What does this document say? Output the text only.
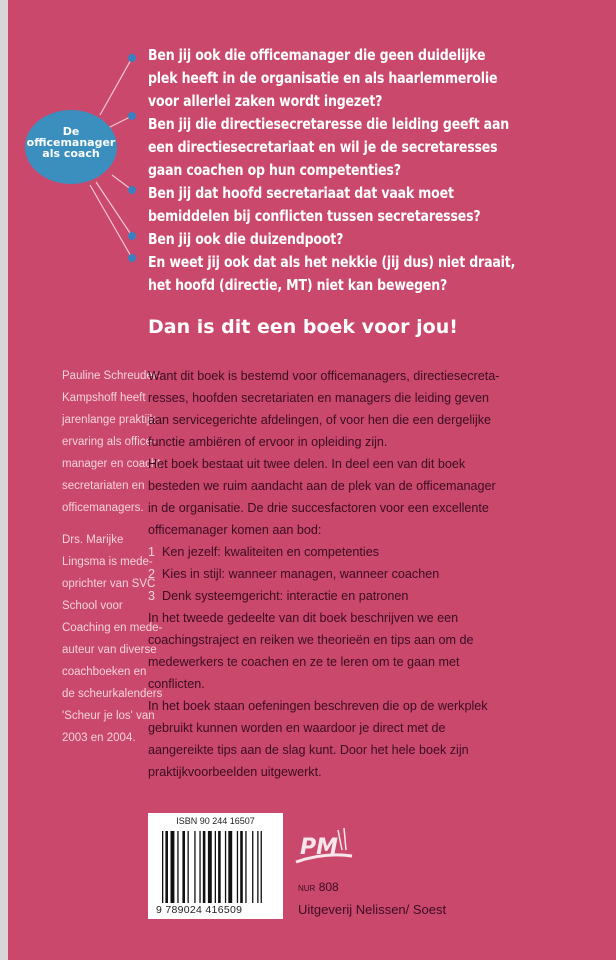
De
officemanager
als coach
Ben jij ook die officemanager die geen duidelijke
plek heeft in de organisatie en als haarlemmerolie
voor allerlei zaken wordt ingezet?
Ben jij die directiesecretaresse die leiding geeft aan
een directiesecretariaat en wil je de secretaresses
gaan coachen op hun competenties?
Ben jij dat hoofd secretariaat dat vaak moet
bemiddelen bij conflicten tussen secretaresses?
Ben jij ook die duizendpoot?
En weet jij ook dat als het nekkie (jij dus) niet draait,
het hoofd (directie, MT) niet kan bewegen?
Dan is dit een boek voor jou!

Pauline Schreuder-
Kampshoff heeft
jarenlange praktijk-
ervaring als office-
manager en coacht
secretariaten en
officemanagers.

Drs. Marijke
Lingsma is mede-
oprichter van SVC
School voor
Coaching en mede-
auteur van diverse
coachboeken en
de scheurkalenders
'Scheur je los' van
2003 en 2004.

Want dit boek is bestemd voor officemanagers, directiesecreta-
resses, hoofden secretariaten en managers die leiding geven
aan servicegerichte afdelingen, of voor hen die een dergelijke
functie ambiëren of ervoor in opleiding zijn.
Het boek bestaat uit twee delen. In deel een van dit boek
besteden we ruim aandacht aan de plek van de officemanager
in de organisatie. De drie succesfactoren voor een excellente
officemanager komen aan bod:
1 Ken jezelf: kwaliteiten en competenties
2 Kies in stijl: wanneer managen, wanneer coachen
3 Denk systeemgericht: interactie en patronen
In het tweede gedeelte van dit boek beschrijven we een
coachingstraject en reiken we theorieën en tips aan om de
medewerkers te coachen en ze te leren om te gaan met
conflicten.
In het boek staan oefeningen beschreven die op de werkplek
gebruikt kunnen worden en waardoor je direct met de
aangereikte tips aan de slag kunt. Door het hele boek zijn
praktijkvoorbeelden uitgewerkt.
ISBN 90 244 16507
9 789024 416509
PM
NUR 808
Uitgeverij Nelissen/ Soest
